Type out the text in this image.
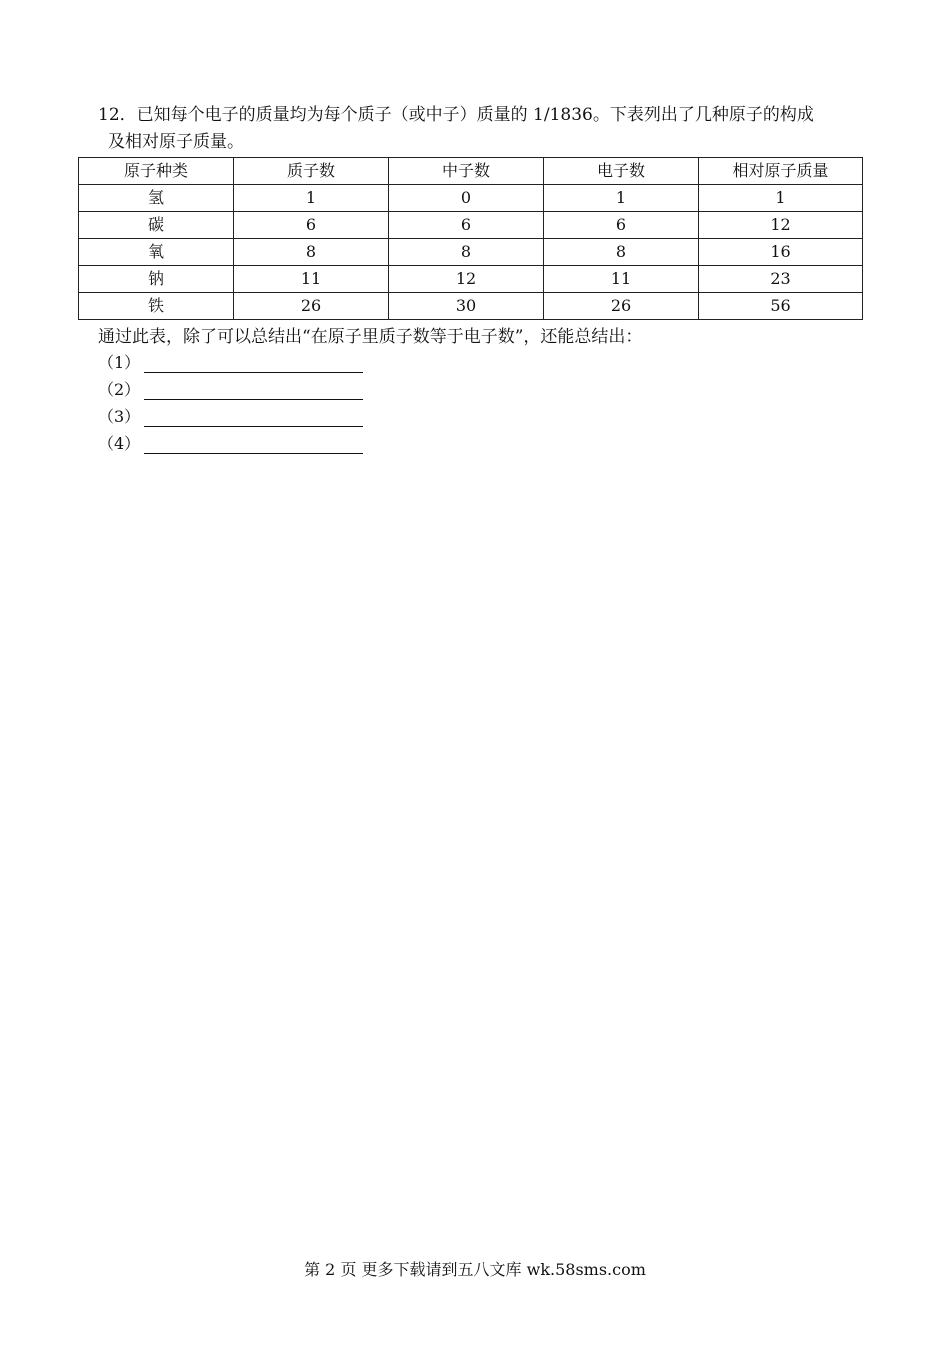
12．已知每个电子的质量均为每个质子（或中子）质量的 1/1836。下表列出了几种原子的构成
及相对原子质量。
原子种类	质子数	中子数	电子数	相对原子质量
氢	1	0	1	1
碳	6	6	6	12
氧	8	8	8	16
钠	11	12	11	23
铁	26	30	26	56
通过此表，除了可以总结出“在原子里质子数等于电子数”，还能总结出：
（1）
（2）
（3）
（4）
第 2 页 更多下载请到五八文库 wk.58sms.com
